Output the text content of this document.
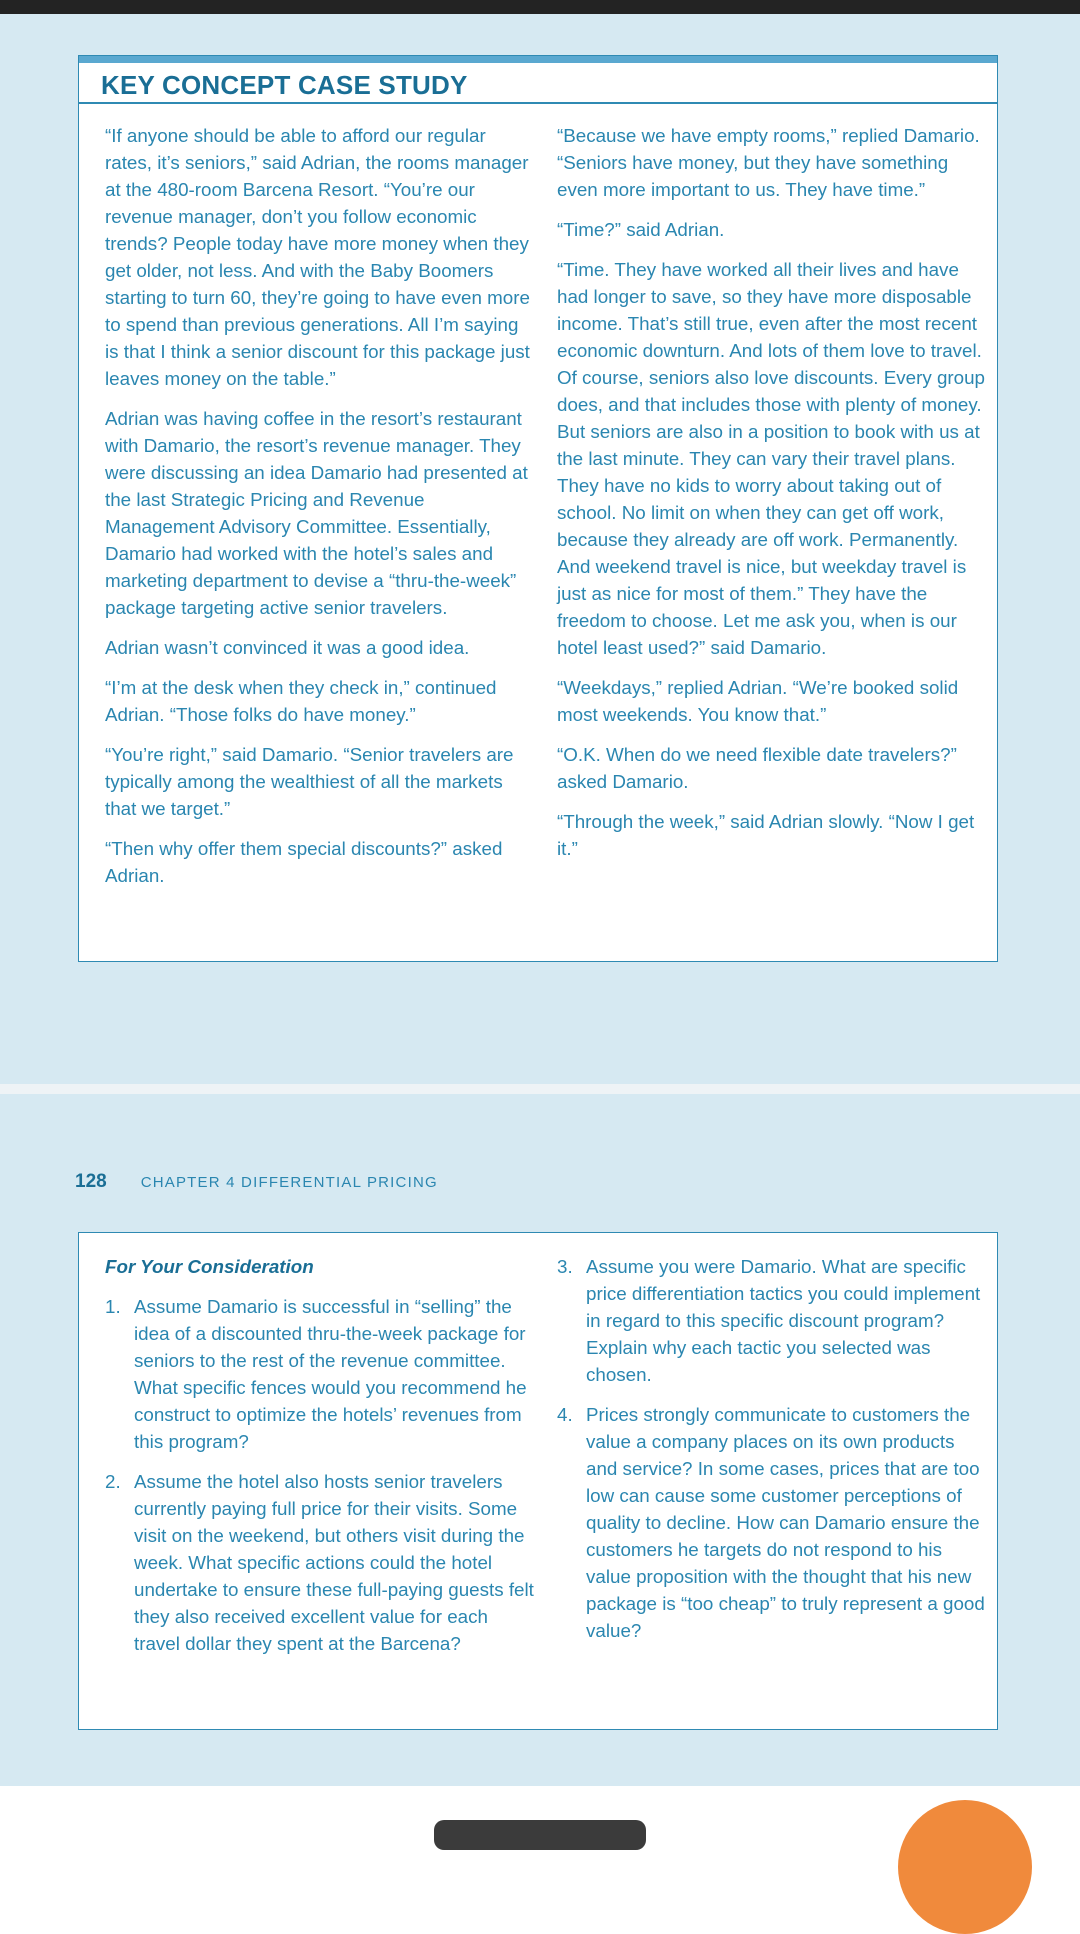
KEY CONCEPT CASE STUDY

“If anyone should be able to afford our regular rates, it’s seniors,” said Adrian, the rooms manager at the 480-room Barcena Resort. “You’re our revenue manager, don’t you follow economic trends? People today have more money when they get older, not less. And with the Baby Boomers starting to turn 60, they’re going to have even more to spend than previous generations. All I’m saying is that I think a senior discount for this package just leaves money on the table.”

Adrian was having coffee in the resort’s restaurant with Damario, the resort’s revenue manager. They were discussing an idea Damario had presented at the last Strategic Pricing and Revenue Management Advisory Committee. Essentially, Damario had worked with the hotel’s sales and marketing department to devise a “thru-the-week” package targeting active senior travelers.

Adrian wasn’t convinced it was a good idea.

“I’m at the desk when they check in,” continued Adrian. “Those folks do have money.”

“You’re right,” said Damario. “Senior travelers are typically among the wealthiest of all the markets that we target.”

“Then why offer them special discounts?” asked Adrian.

“Because we have empty rooms,” replied Damario. “Seniors have money, but they have something even more important to us. They have time.”

“Time?” said Adrian.

“Time. They have worked all their lives and have had longer to save, so they have more disposable income. That’s still true, even after the most recent economic downturn. And lots of them love to travel. Of course, seniors also love discounts. Every group does, and that includes those with plenty of money. But seniors are also in a position to book with us at the last minute. They can vary their travel plans. They have no kids to worry about taking out of school. No limit on when they can get off work, because they already are off work. Permanently. And weekend travel is nice, but weekday travel is just as nice for most of them.” They have the freedom to choose. Let me ask you, when is our hotel least used?” said Damario.

“Weekdays,” replied Adrian. “We’re booked solid most weekends. You know that.”

“O.K. When do we need flexible date travelers?” asked Damario.

“Through the week,” said Adrian slowly. “Now I get it.”

128 CHAPTER 4 DIFFERENTIAL PRICING

For Your Consideration

1. Assume Damario is successful in “selling” the idea of a discounted thru-the-week package for seniors to the rest of the revenue committee. What specific fences would you recommend he construct to optimize the hotels’ revenues from this program?
2. Assume the hotel also hosts senior travelers currently paying full price for their visits. Some visit on the weekend, but others visit during the week. What specific actions could the hotel undertake to ensure these full-paying guests felt they also received excellent value for each travel dollar they spent at the Barcena?
3. Assume you were Damario. What are specific price differentiation tactics you could implement in regard to this specific discount program? Explain why each tactic you selected was chosen.
4. Prices strongly communicate to customers the value a company places on its own products and service? In some cases, prices that are too low can cause some customer perceptions of quality to decline. How can Damario ensure the customers he targets do not respond to his value proposition with the thought that his new package is “too cheap” to truly represent a good value?
